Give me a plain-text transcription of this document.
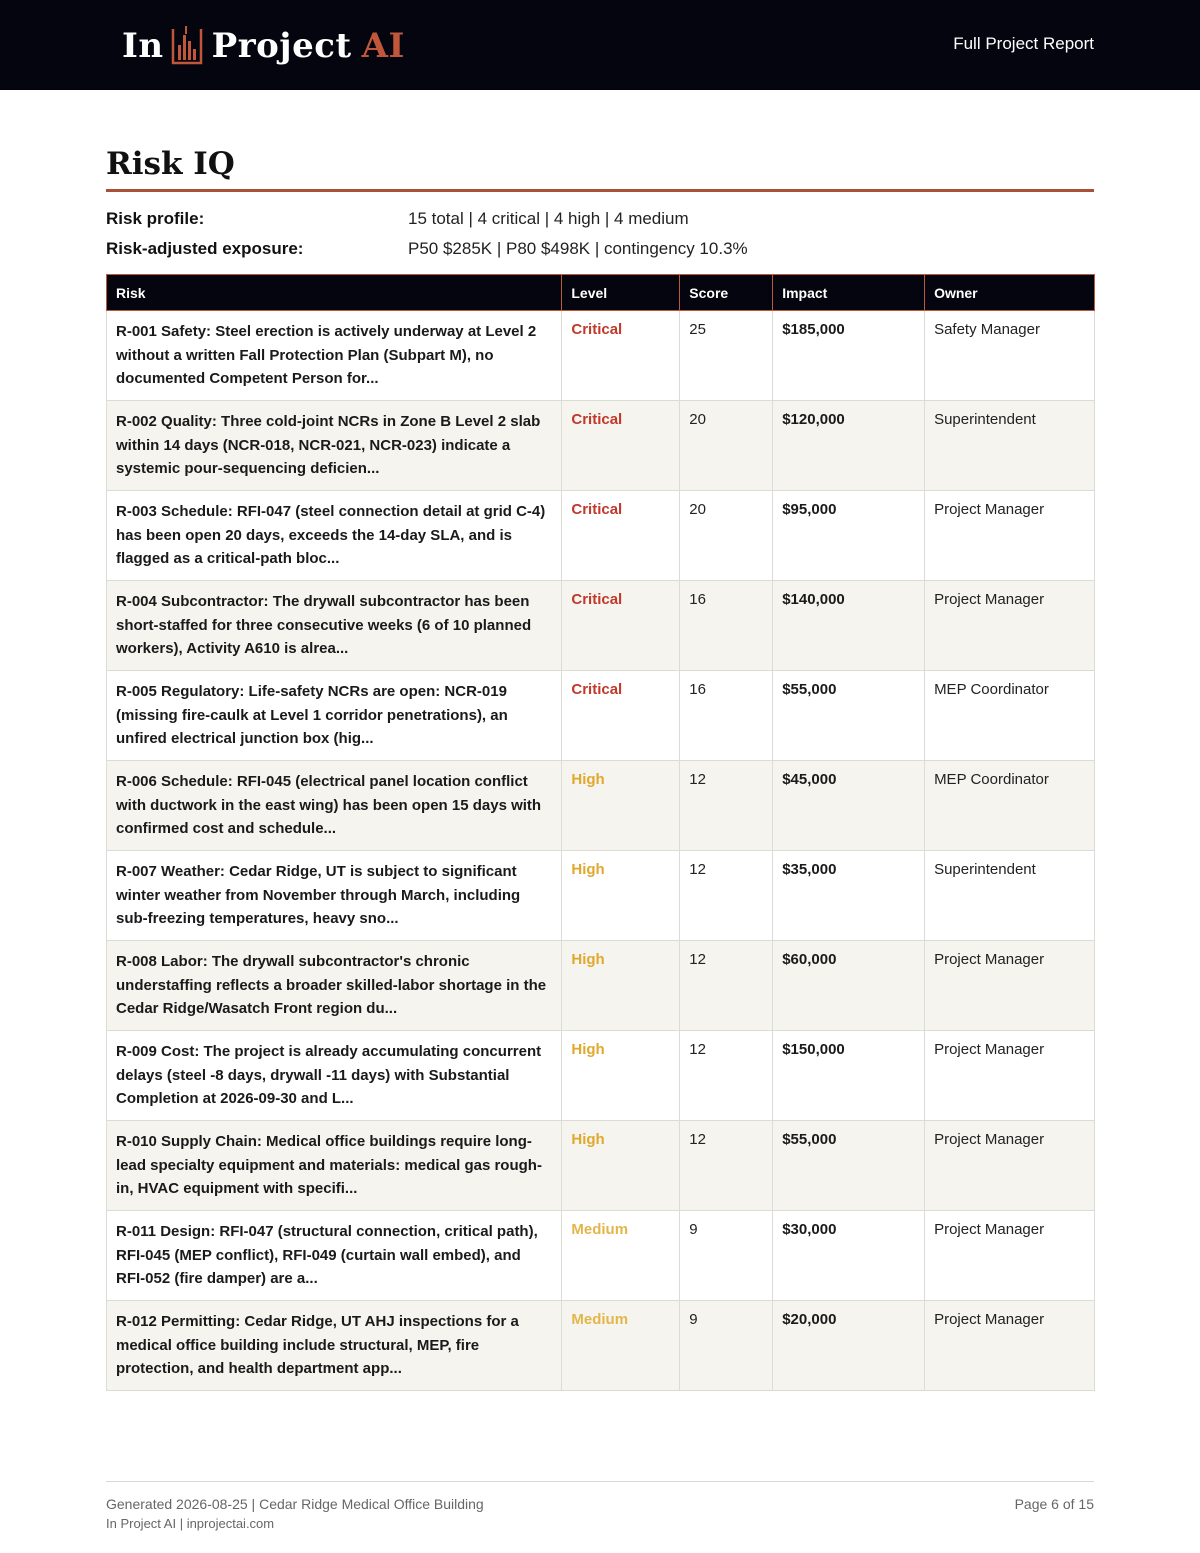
In Project AI	Full Project Report
Risk IQ
Risk profile:	15 total | 4 critical | 4 high | 4 medium
Risk-adjusted exposure:	P50 $285K | P80 $498K | contingency 10.3%
Risk	Level	Score	Impact	Owner
R-001 Safety: Steel erection is actively underway at Level 2 without a written Fall Protection Plan (Subpart M), no documented Competent Person for...	Critical	25	$185,000	Safety Manager
R-002 Quality: Three cold-joint NCRs in Zone B Level 2 slab within 14 days (NCR-018, NCR-021, NCR-023) indicate a systemic pour-sequencing deficien...	Critical	20	$120,000	Superintendent
R-003 Schedule: RFI-047 (steel connection detail at grid C-4) has been open 20 days, exceeds the 14-day SLA, and is flagged as a critical-path bloc...	Critical	20	$95,000	Project Manager
R-004 Subcontractor: The drywall subcontractor has been short-staffed for three consecutive weeks (6 of 10 planned workers), Activity A610 is alrea...	Critical	16	$140,000	Project Manager
R-005 Regulatory: Life-safety NCRs are open: NCR-019 (missing fire-caulk at Level 1 corridor penetrations), an unfired electrical junction box (hig...	Critical	16	$55,000	MEP Coordinator
R-006 Schedule: RFI-045 (electrical panel location conflict with ductwork in the east wing) has been open 15 days with confirmed cost and schedule...	High	12	$45,000	MEP Coordinator
R-007 Weather: Cedar Ridge, UT is subject to significant winter weather from November through March, including sub-freezing temperatures, heavy sno...	High	12	$35,000	Superintendent
R-008 Labor: The drywall subcontractor's chronic understaffing reflects a broader skilled-labor shortage in the Cedar Ridge/Wasatch Front region du...	High	12	$60,000	Project Manager
R-009 Cost: The project is already accumulating concurrent delays (steel -8 days, drywall -11 days) with Substantial Completion at 2026-09-30 and L...	High	12	$150,000	Project Manager
R-010 Supply Chain: Medical office buildings require long-lead specialty equipment and materials: medical gas rough-in, HVAC equipment with specifi...	High	12	$55,000	Project Manager
R-011 Design: RFI-047 (structural connection, critical path), RFI-045 (MEP conflict), RFI-049 (curtain wall embed), and RFI-052 (fire damper) are a...	Medium	9	$30,000	Project Manager
R-012 Permitting: Cedar Ridge, UT AHJ inspections for a medical office building include structural, MEP, fire protection, and health department app...	Medium	9	$20,000	Project Manager
Generated 2026-08-25 | Cedar Ridge Medical Office Building
In Project AI | inprojectai.com
Page 6 of 15
